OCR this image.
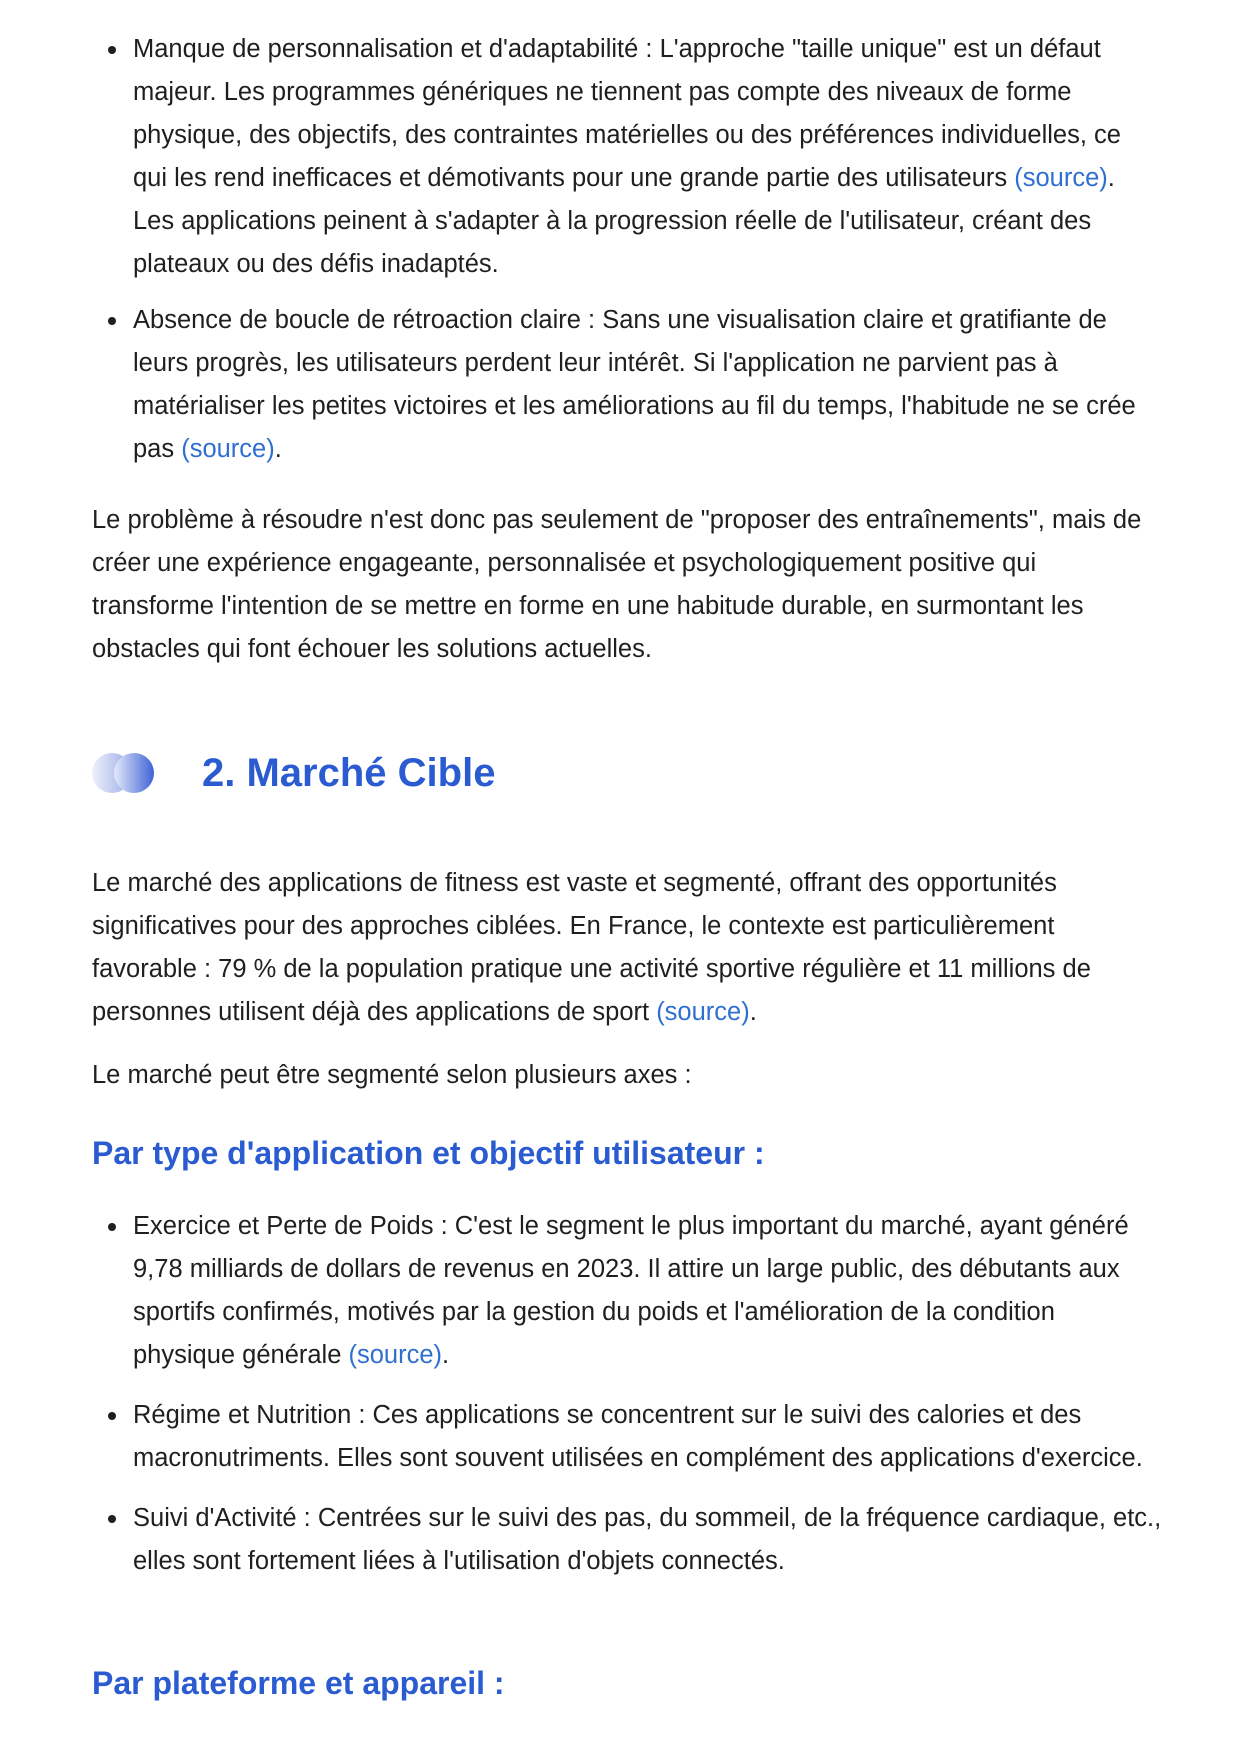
Manque de personnalisation et d'adaptabilité : L'approche "taille unique" est un défaut majeur. Les programmes génériques ne tiennent pas compte des niveaux de forme physique, des objectifs, des contraintes matérielles ou des préférences individuelles, ce qui les rend inefficaces et démotivants pour une grande partie des utilisateurs (source). Les applications peinent à s'adapter à la progression réelle de l'utilisateur, créant des plateaux ou des défis inadaptés.
Absence de boucle de rétroaction claire : Sans une visualisation claire et gratifiante de leurs progrès, les utilisateurs perdent leur intérêt. Si l'application ne parvient pas à matérialiser les petites victoires et les améliorations au fil du temps, l'habitude ne se crée pas (source).

Le problème à résoudre n'est donc pas seulement de "proposer des entraînements", mais de créer une expérience engageante, personnalisée et psychologiquement positive qui transforme l'intention de se mettre en forme en une habitude durable, en surmontant les obstacles qui font échouer les solutions actuelles.

2. Marché Cible

Le marché des applications de fitness est vaste et segmenté, offrant des opportunités significatives pour des approches ciblées. En France, le contexte est particulièrement favorable : 79 % de la population pratique une activité sportive régulière et 11 millions de personnes utilisent déjà des applications de sport (source).

Le marché peut être segmenté selon plusieurs axes :

Par type d'application et objectif utilisateur :
Exercice et Perte de Poids : C'est le segment le plus important du marché, ayant généré 9,78 milliards de dollars de revenus en 2023. Il attire un large public, des débutants aux sportifs confirmés, motivés par la gestion du poids et l'amélioration de la condition physique générale (source).
Régime et Nutrition : Ces applications se concentrent sur le suivi des calories et des macronutriments. Elles sont souvent utilisées en complément des applications d'exercice.
Suivi d'Activité : Centrées sur le suivi des pas, du sommeil, de la fréquence cardiaque, etc., elles sont fortement liées à l'utilisation d'objets connectés.
Par plateforme et appareil :
